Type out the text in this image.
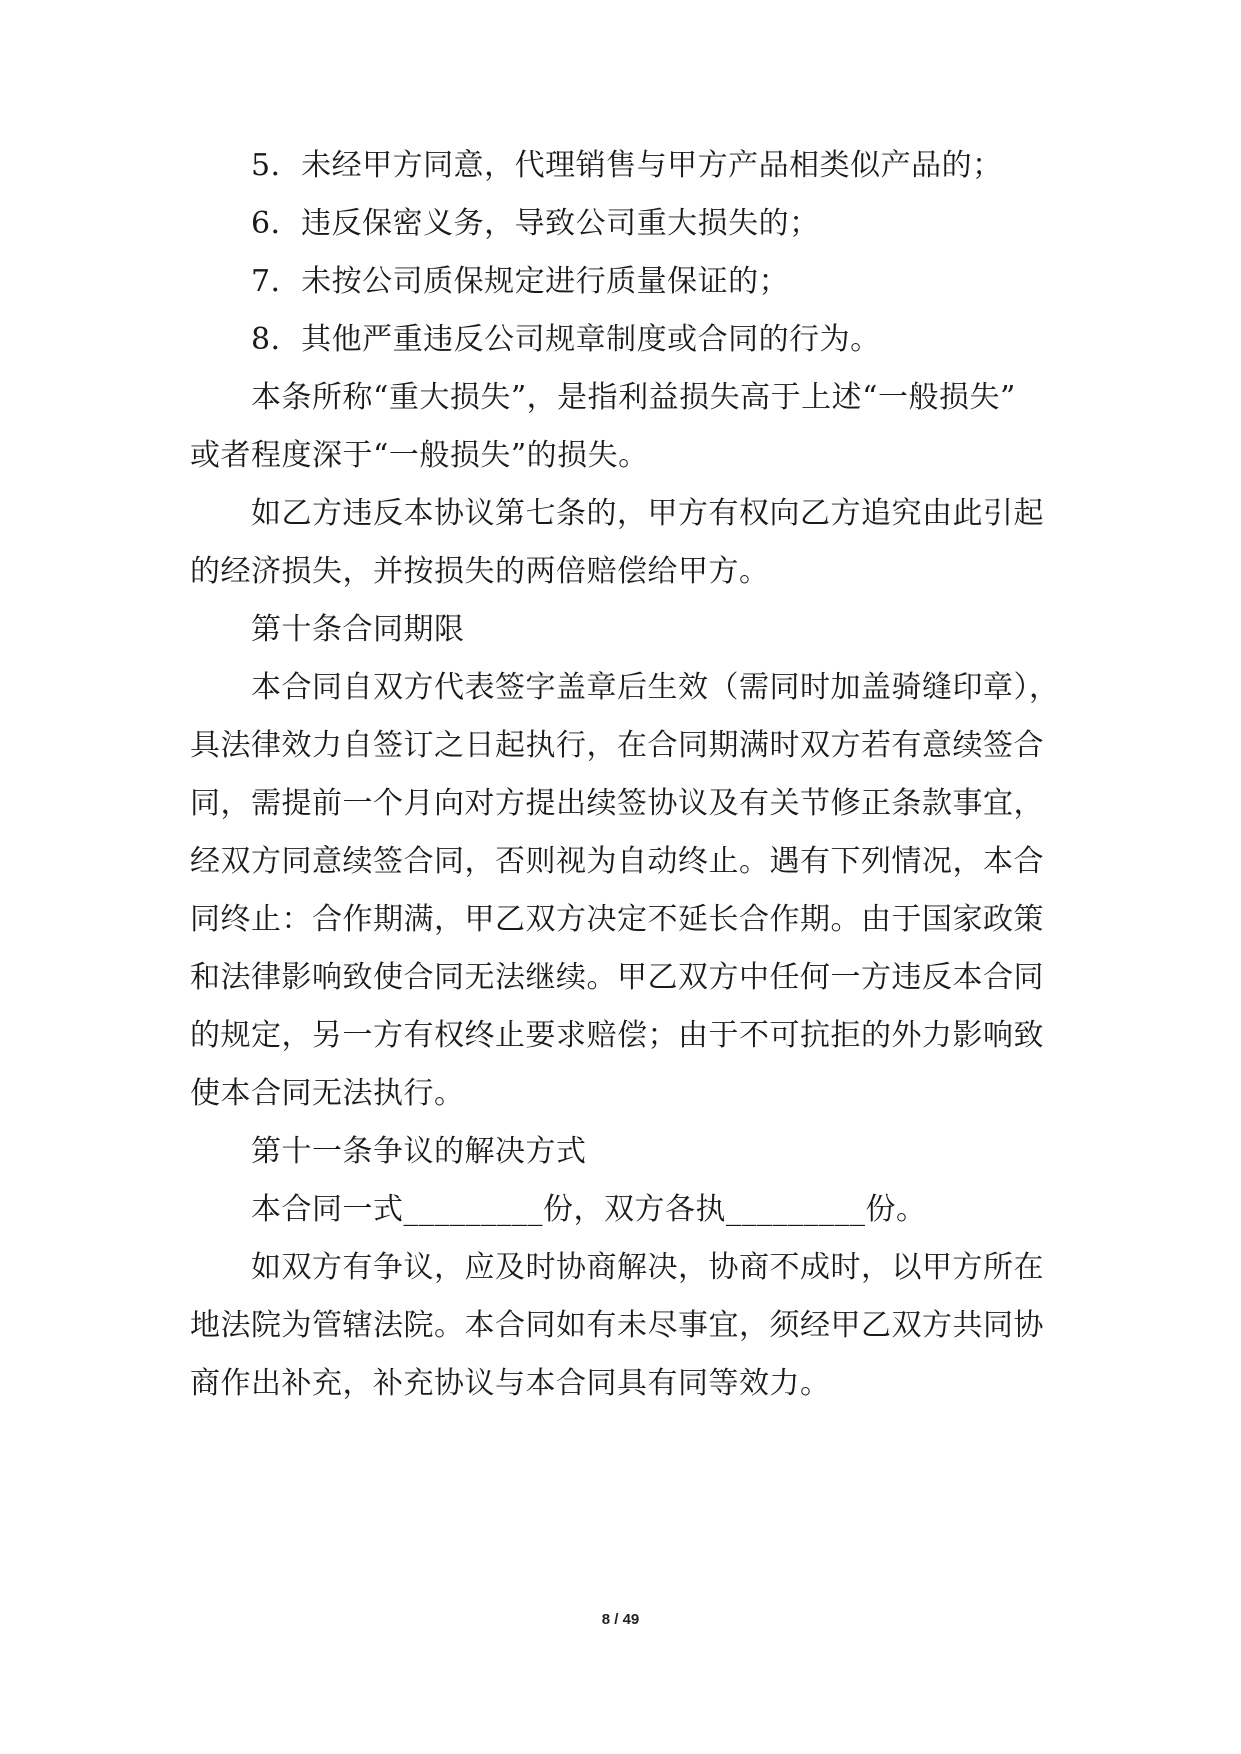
5．未经甲方同意，代理销售与甲方产品相类似产品的；
6．违反保密义务，导致公司重大损失的；
7．未按公司质保规定进行质量保证的；
8．其他严重违反公司规章制度或合同的行为。
本条所称“重大损失”，是指利益损失高于上述“一般损失”
或者程度深于“一般损失”的损失。
如乙方违反本协议第七条的，甲方有权向乙方追究由此引起
的经济损失，并按损失的两倍赔偿给甲方。
第十条合同期限
本合同自双方代表签字盖章后生效（需同时加盖骑缝印章），
具法律效力自签订之日起执行，在合同期满时双方若有意续签合
同，需提前一个月向对方提出续签协议及有关节修正条款事宜，
经双方同意续签合同，否则视为自动终止。遇有下列情况，本合
同终止：合作期满，甲乙双方决定不延长合作期。由于国家政策
和法律影响致使合同无法继续。甲乙双方中任何一方违反本合同
的规定，另一方有权终止要求赔偿；由于不可抗拒的外力影响致
使本合同无法执行。
第十一条争议的解决方式
本合同一式_________份，双方各执_________份。
如双方有争议，应及时协商解决，协商不成时，以甲方所在
地法院为管辖法院。本合同如有未尽事宜，须经甲乙双方共同协
商作出补充，补充协议与本合同具有同等效力。
8 / 49
